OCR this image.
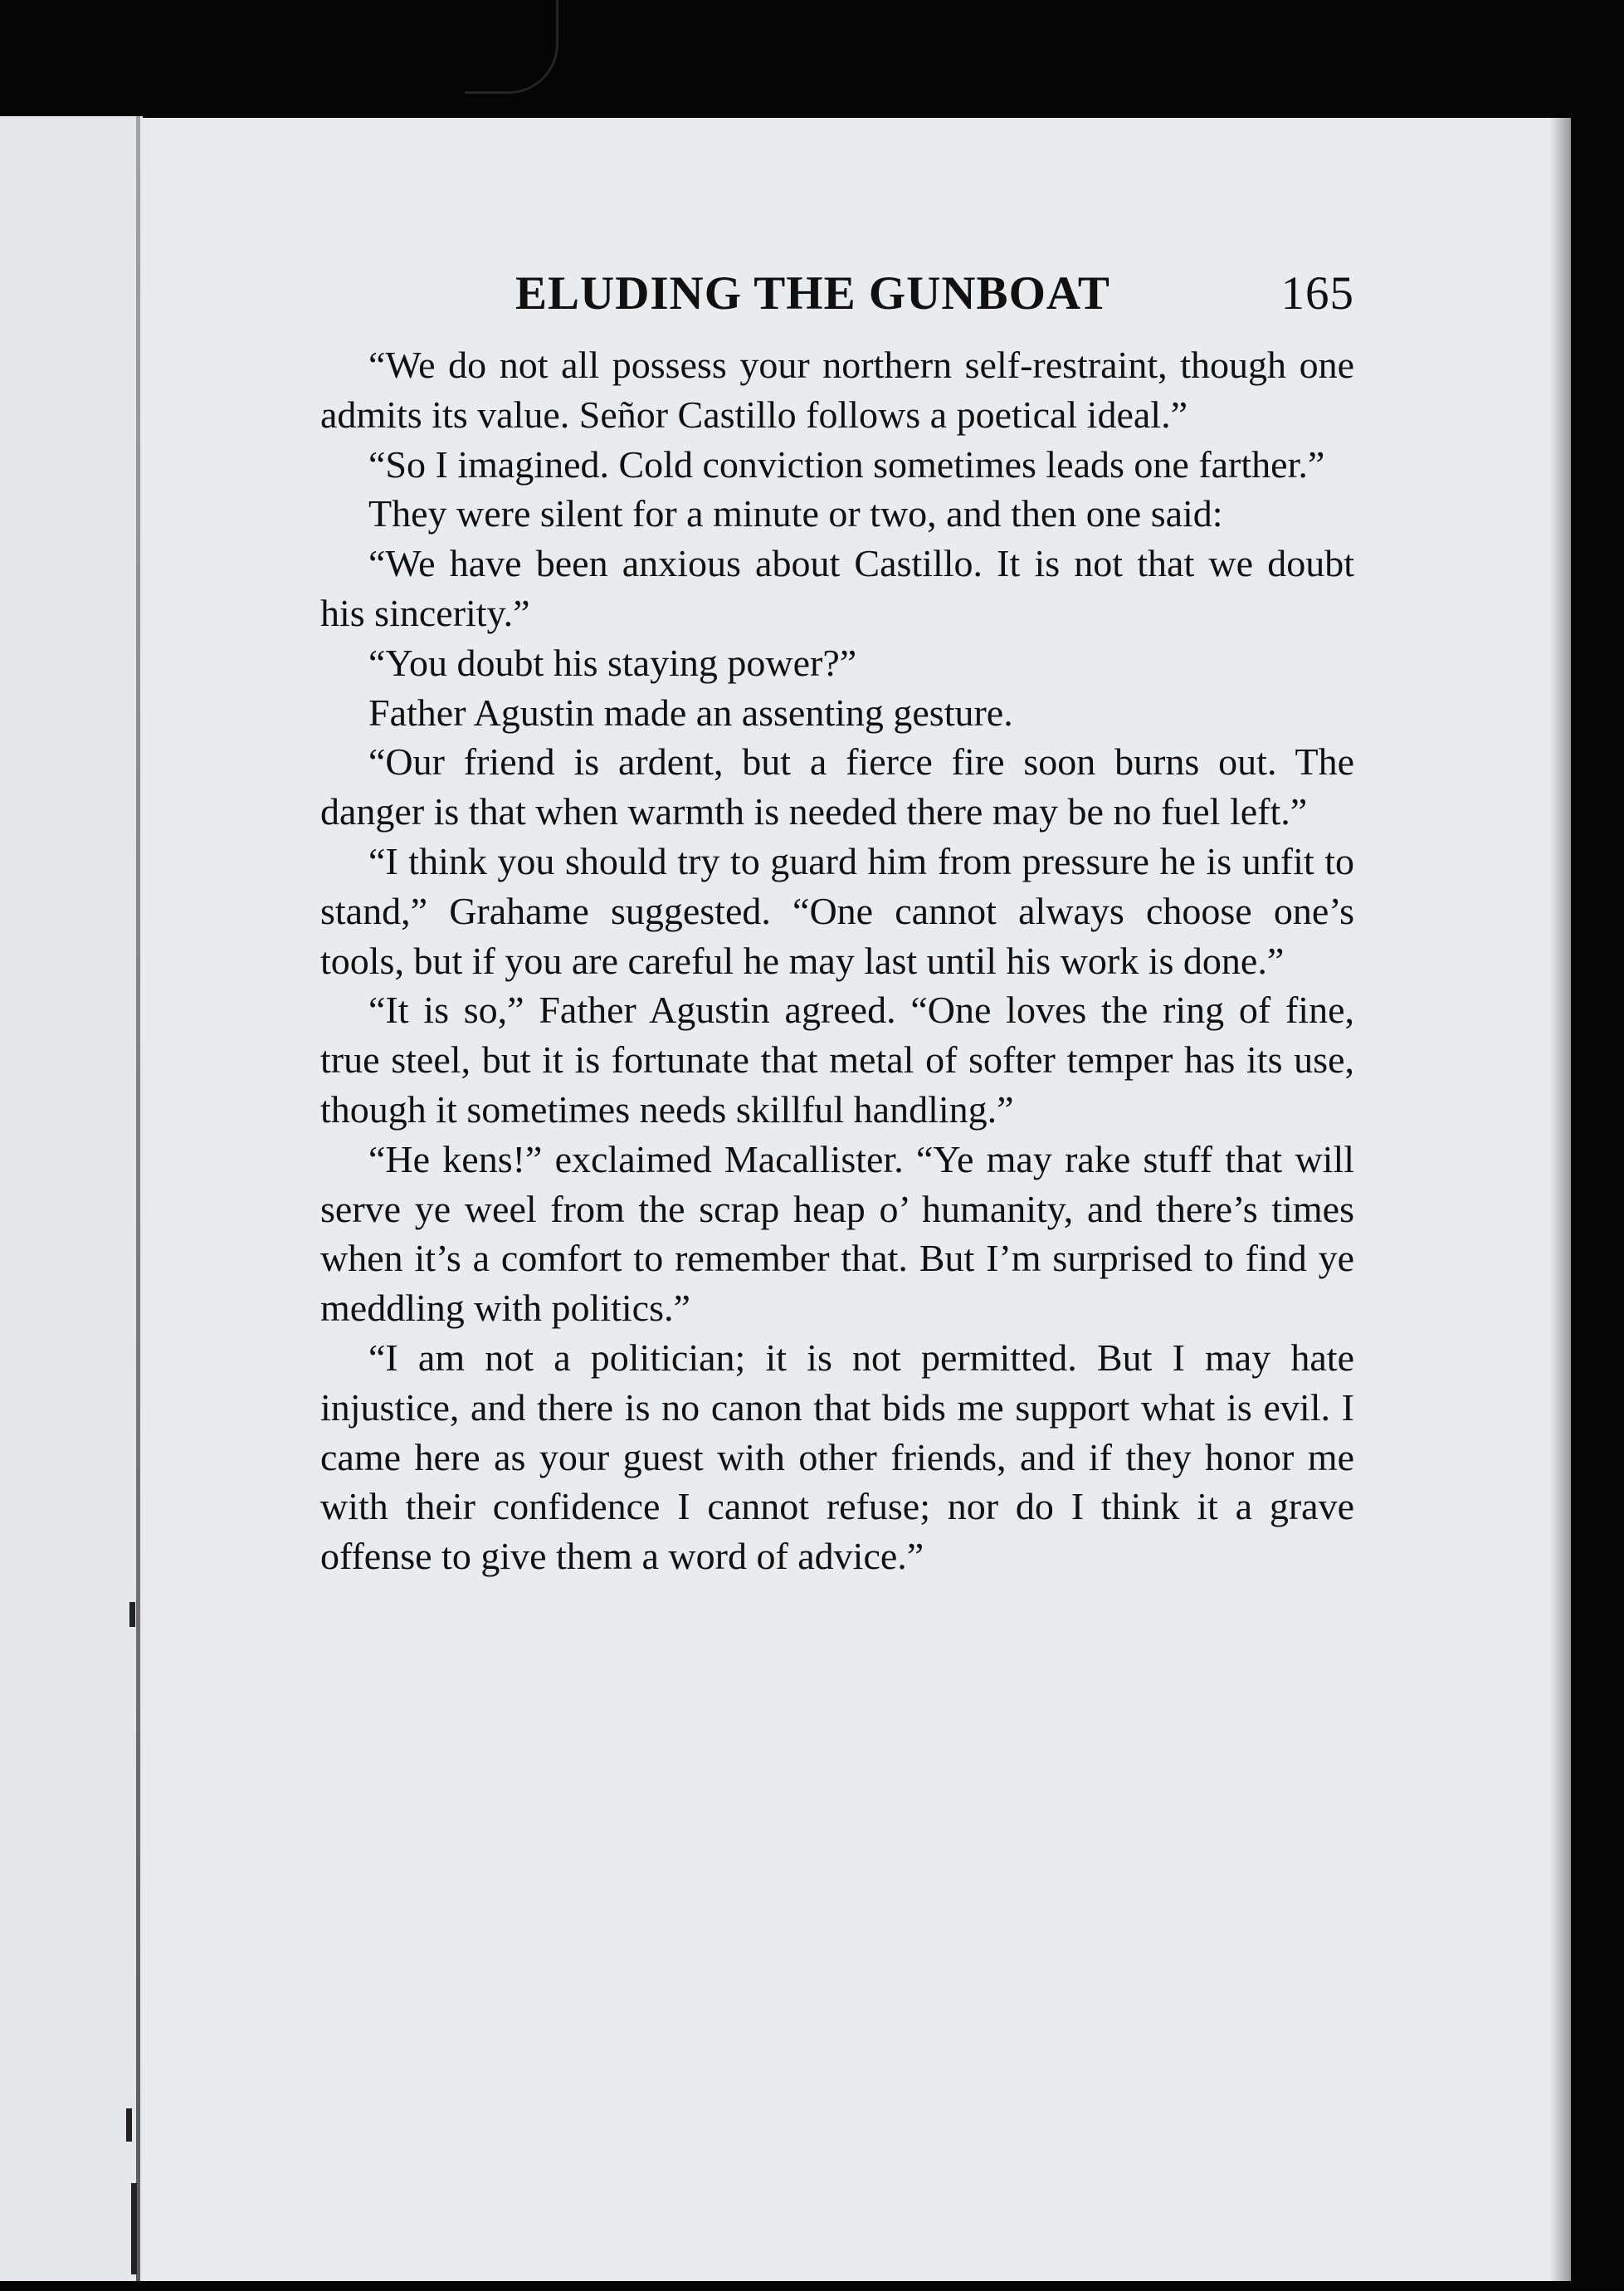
ELUDING THE GUNBOAT	165

“We do not all possess your northern self-restraint, though one admits its value. Señor Castillo follows a poetical ideal.”

“So I imagined. Cold conviction sometimes leads one farther.”

They were silent for a minute or two, and then one said:

“We have been anxious about Castillo. It is not that we doubt his sincerity.”

“You doubt his staying power?”

Father Agustin made an assenting gesture.

“Our friend is ardent, but a fierce fire soon burns out. The danger is that when warmth is needed there may be no fuel left.”

“I think you should try to guard him from pressure he is unfit to stand,” Grahame suggested. “One cannot always choose one’s tools, but if you are careful he may last until his work is done.”

“It is so,” Father Agustin agreed. “One loves the ring of fine, true steel, but it is fortunate that metal of softer temper has its use, though it sometimes needs skillful handling.”

“He kens!” exclaimed Macallister. “Ye may rake stuff that will serve ye weel from the scrap heap o’ humanity, and there’s times when it’s a comfort to remember that. But I’m surprised to find ye meddling with politics.”

“I am not a politician; it is not permitted. But I may hate injustice, and there is no canon that bids me support what is evil. I came here as your guest with other friends, and if they honor me with their confidence I cannot refuse; nor do I think it a grave offense to give them a word of advice.”
